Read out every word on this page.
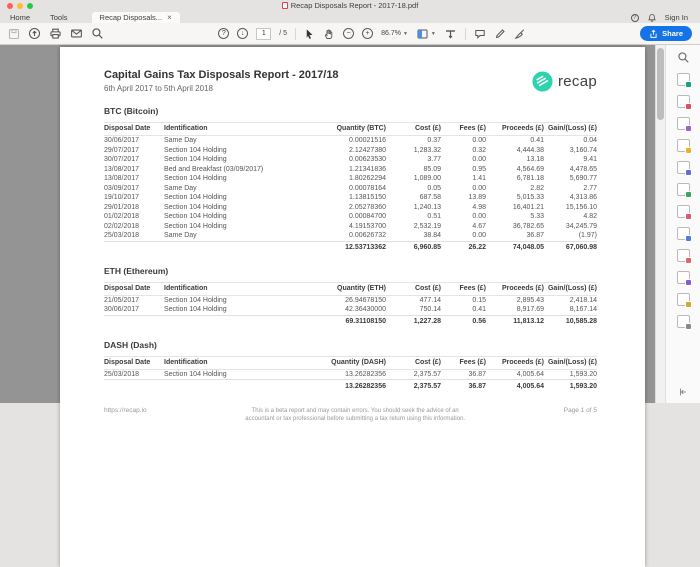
Recap Disposals Report - 2017-18.pdf
Home	Tools	Recap Disposals... ×	?	Sign In
?	↓
1	/ 5	−	+	86.7% ▼	▼	Share
Capital Gains Tax Disposals Report - 2017/18
6th April 2017 to 5th April 2018	recap
BTC (Bitcoin)
Disposal Date	Identification	Quantity (BTC)	Cost (£)	Fees (£)	Proceeds (£)	Gain/(Loss) (£)
30/06/2017	Same Day	0.00021516	0.37	0.00	0.41	0.04
29/07/2017	Section 104 Holding	2.12427380	1,283.32	0.32	4,444.38	3,160.74
30/07/2017	Section 104 Holding	0.00623530	3.77	0.00	13.18	9.41
13/08/2017	Bed and Breakfast (03/09/2017)	1.21341836	85.09	0.95	4,564.69	4,478.65
13/08/2017	Section 104 Holding	1.80262294	1,089.00	1.41	6,781.18	5,690.77
03/09/2017	Same Day	0.00078164	0.05	0.00	2.82	2.77
19/10/2017	Section 104 Holding	1.13815150	687.58	13.89	5,015.33	4,313.86
29/01/2018	Section 104 Holding	2.05278360	1,240.13	4.98	16,401.21	15,156.10
01/02/2018	Section 104 Holding	0.00084700	0.51	0.00	5.33	4.82
02/02/2018	Section 104 Holding	4.19153700	2,532.19	4.67	36,782.65	34,245.79
25/03/2018	Same Day	0.00626732	38.84	0.00	36.87	(1.97)
		12.53713362	6,960.85	26.22	74,048.05	67,060.98
ETH (Ethereum)
Disposal Date	Identification	Quantity (ETH)	Cost (£)	Fees (£)	Proceeds (£)	Gain/(Loss) (£)
21/05/2017	Section 104 Holding	26.94678150	477.14	0.15	2,895.43	2,418.14
30/06/2017	Section 104 Holding	42.36430000	750.14	0.41	8,917.69	8,167.14
		69.31108150	1,227.28	0.56	11,813.12	10,585.28
DASH (Dash)
Disposal Date	Identification	Quantity (DASH)	Cost (£)	Fees (£)	Proceeds (£)	Gain/(Loss) (£)
25/03/2018	Section 104 Holding	13.26282356	2,375.57	36.87	4,005.64	1,593.20
		13.26282356	2,375.57	36.87	4,005.64	1,593.20
https://recap.io	This is a beta report and may contain errors. You should seek the advice of an accountant or tax professional before submitting a tax return using this information.
Page 1 of 5
